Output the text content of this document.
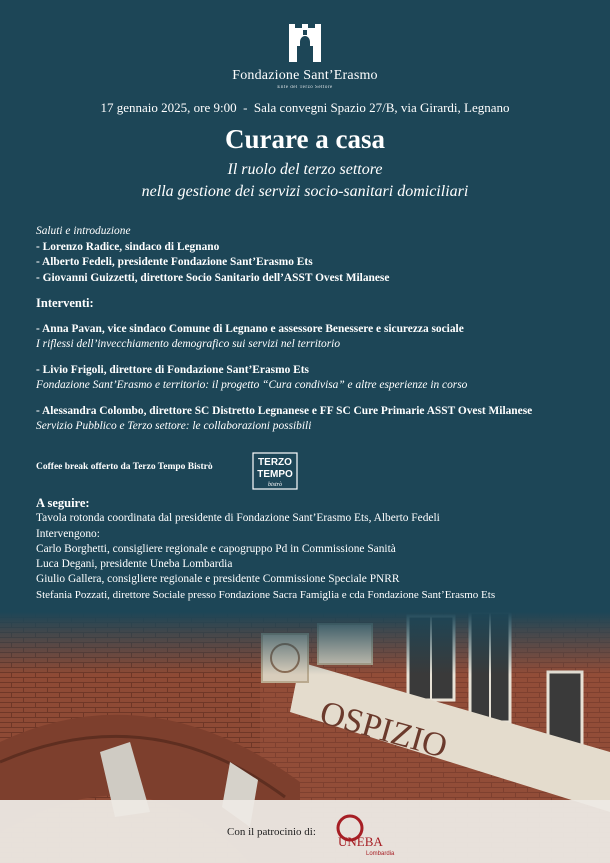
Fondazione Sant’Erasmo
Ente del Terzo Settore
17 gennaio 2025, ore 9:00  -  Sala convegni Spazio 27/B, via Girardi, Legnano
Curare a casa
Il ruolo del terzo settore
nella gestione dei servizi socio-sanitari domiciliari
Saluti e introduzione
- Lorenzo Radice, sindaco di Legnano
- Alberto Fedeli, presidente Fondazione Sant’Erasmo Ets
- Giovanni Guizzetti, direttore Socio Sanitario dell’ASST Ovest Milanese
Interventi:
- Anna Pavan, vice sindaco Comune di Legnano e assessore Benessere e sicurezza sociale
I riflessi dell’invecchiamento demografico sui servizi nel territorio
- Livio Frigoli, direttore di Fondazione Sant’Erasmo Ets
Fondazione Sant’Erasmo e territorio: il progetto “Cura condivisa” e altre esperienze in corso
- Alessandra Colombo, direttore SC Distretto Legnanese e FF SC Cure Primarie ASST Ovest Milanese
Servizio Pubblico e Terzo settore: le collaborazioni possibili
Coffee break offerto da Terzo Tempo Bistrò	TERZO
TEMPO
bistrò
A seguire:
Tavola rotonda coordinata dal presidente di Fondazione Sant’Erasmo Ets, Alberto Fedeli
Intervengono:
Carlo Borghetti, consigliere regionale e capogruppo Pd in Commissione Sanità
Luca Degani, presidente Uneba Lombardia
Giulio Gallera, consigliere regionale e presidente Commissione Speciale PNRR
Stefania Pozzati, direttore Sociale presso Fondazione Sacra Famiglia e cda Fondazione Sant’Erasmo Ets
Con il patrocinio di:
UNEBA
Lombardia
